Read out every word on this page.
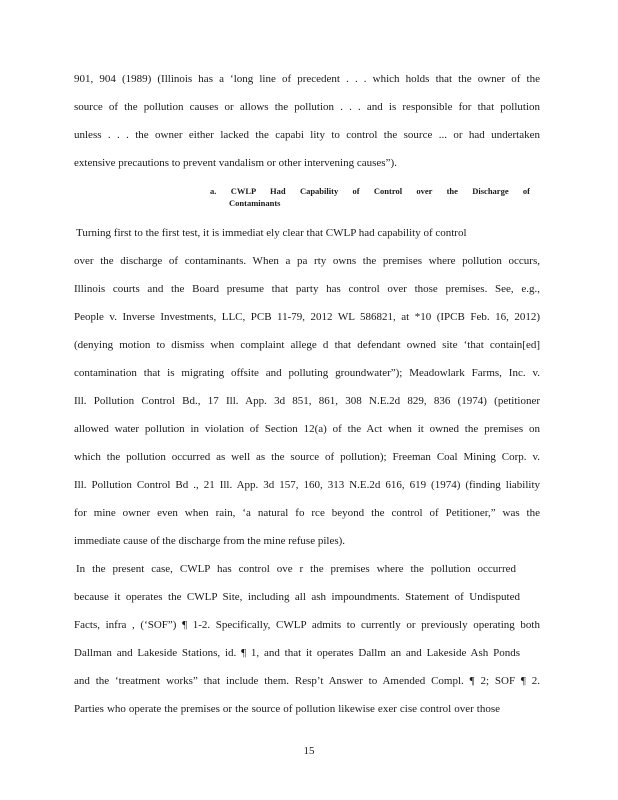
901, 904 (1989) (Illinois has a ‘long line of precedent . . . which holds that the owner of the
source of the pollution causes or allows the pollution . . . and is responsible for that pollution
unless . . . the owner either lacked the capabi lity to control the source ... or had undertaken
extensive precautions to prevent vandalism or other intervening causes”).
a. CWLP Had Capability of Control over the Discharge of
Contaminants
Turning first to the first test, it is immediat ely clear that CWLP had capability of control
over the discharge of contaminants. When a pa rty owns the premises where pollution occurs,
Illinois courts and the Board presume that party has control over those premises. See, e.g.,
People v. Inverse Investments, LLC, PCB 11-79, 2012 WL 586821, at *10 (IPCB Feb. 16, 2012)
(denying motion to dismiss when complaint allege d that defendant owned site ‘that contain[ed]
contamination that is migrating offsite and polluting groundwater”); Meadowlark Farms, Inc. v.
Ill. Pollution Control Bd., 17 Ill. App. 3d 851, 861, 308 N.E.2d 829, 836 (1974) (petitioner
allowed water pollution in violation of Section 12(a) of the Act when it owned the premises on
which the pollution occurred as well as the source of pollution); Freeman Coal Mining Corp. v.
Ill. Pollution Control Bd ., 21 Ill. App. 3d 157, 160, 313 N.E.2d 616, 619 (1974) (finding liability
for mine owner even when rain, ‘a natural fo rce beyond the control of Petitioner,” was the
immediate cause of the discharge from the mine refuse piles).
In the present case, CWLP has control ove r the premises where the pollution occurred
because it operates the CWLP Site, including all ash impoundments. Statement of Undisputed
Facts, infra , (‘SOF”) ¶ 1-2. Specifically, CWLP admits to currently or previously operating both
Dallman and Lakeside Stations, id. ¶ 1, and that it operates Dallm an and Lakeside Ash Ponds
and the ‘treatment works” that include them. Resp’t Answer to Amended Compl. ¶ 2; SOF ¶ 2.
Parties who operate the premises or the source of pollution likewise exer cise control over those
15
